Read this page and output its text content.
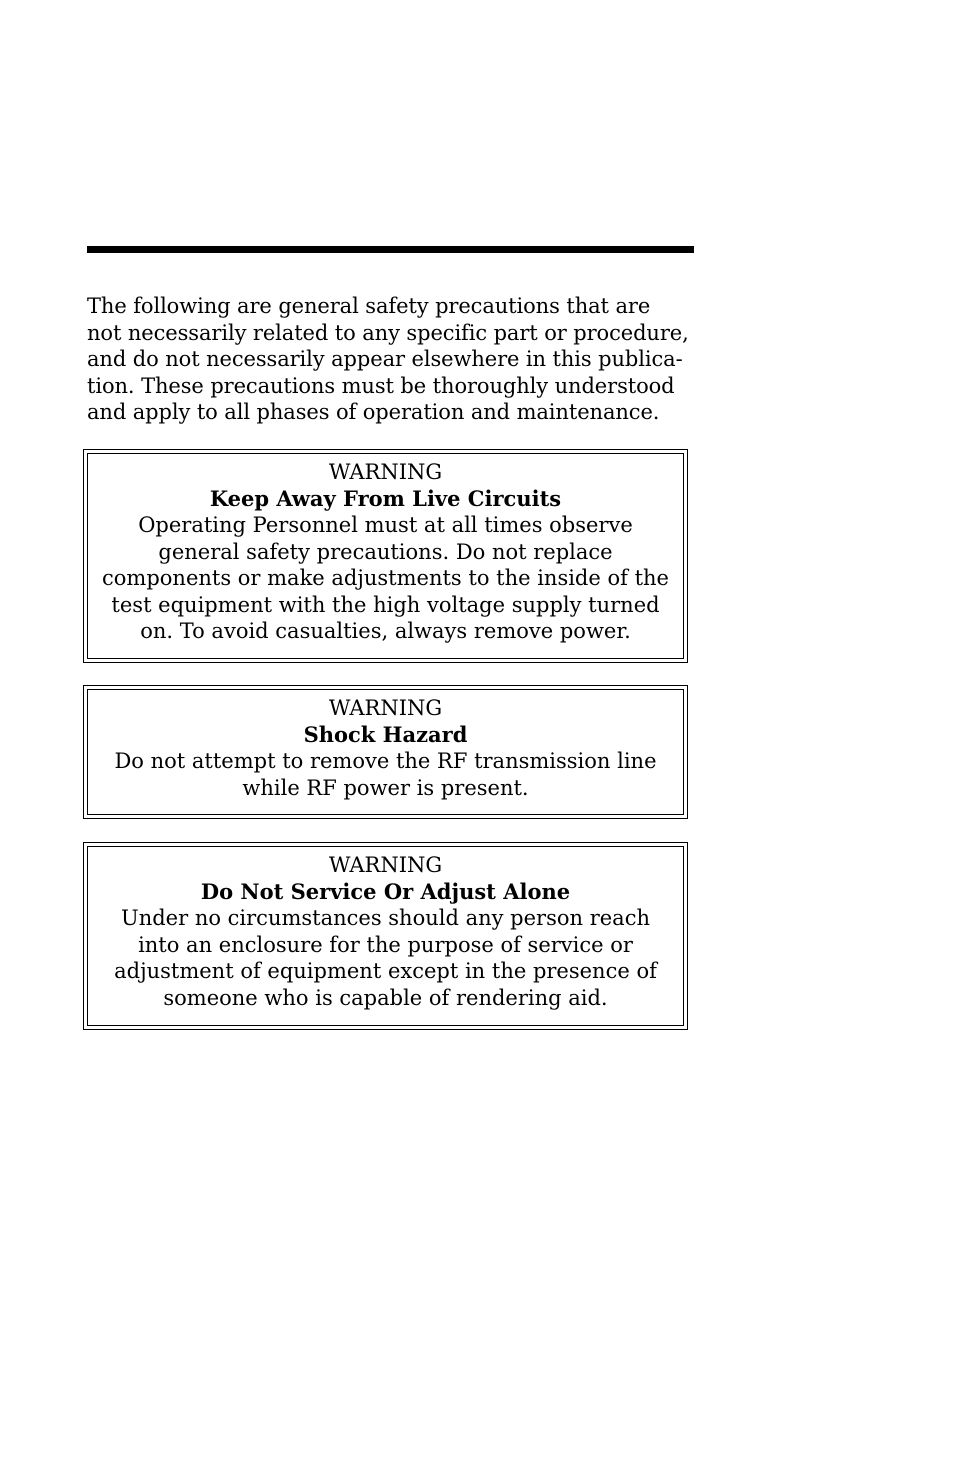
The following are general safety precautions that are
not necessarily related to any specific part or procedure,
and do not necessarily appear elsewhere in this publica-
tion. These precautions must be thoroughly understood
and apply to all phases of operation and maintenance.
WARNING
Keep Away From Live Circuits
Operating Personnel must at all times observe
general safety precautions. Do not replace
components or make adjustments to the inside of the
test equipment with the high voltage supply turned
on. To avoid casualties, always remove power.
WARNING
Shock Hazard
Do not attempt to remove the RF transmission line
while RF power is present.
WARNING
Do Not Service Or Adjust Alone
Under no circumstances should any person reach
into an enclosure for the purpose of service or
adjustment of equipment except in the presence of
someone who is capable of rendering aid.
